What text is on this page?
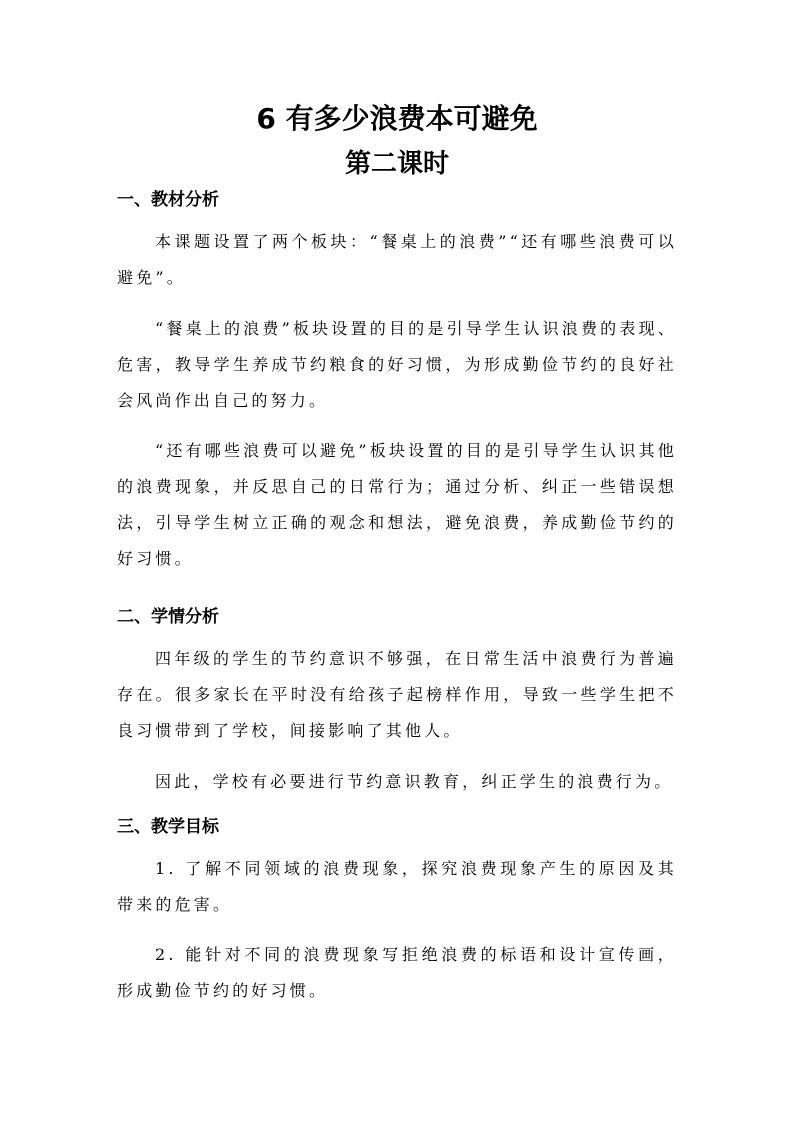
6 有多少浪费本可避免
第二课时
一、教材分析
本课题设置了两个板块：“餐桌上的浪费”“还有哪些浪费可以避免”。
“餐桌上的浪费”板块设置的目的是引导学生认识浪费的表现、危害，教导学生养成节约粮食的好习惯，为形成勤俭节约的良好社会风尚作出自己的努力。
“还有哪些浪费可以避免”板块设置的目的是引导学生认识其他的浪费现象，并反思自己的日常行为；通过分析、纠正一些错误想法，引导学生树立正确的观念和想法，避免浪费，养成勤俭节约的好习惯。
二、学情分析
四年级的学生的节约意识不够强，在日常生活中浪费行为普遍存在。很多家长在平时没有给孩子起榜样作用，导致一些学生把不良习惯带到了学校，间接影响了其他人。
因此，学校有必要进行节约意识教育，纠正学生的浪费行为。
三、教学目标
1. 了解不同领域的浪费现象，探究浪费现象产生的原因及其带来的危害。
2. 能针对不同的浪费现象写拒绝浪费的标语和设计宣传画，形成勤俭节约的好习惯。
